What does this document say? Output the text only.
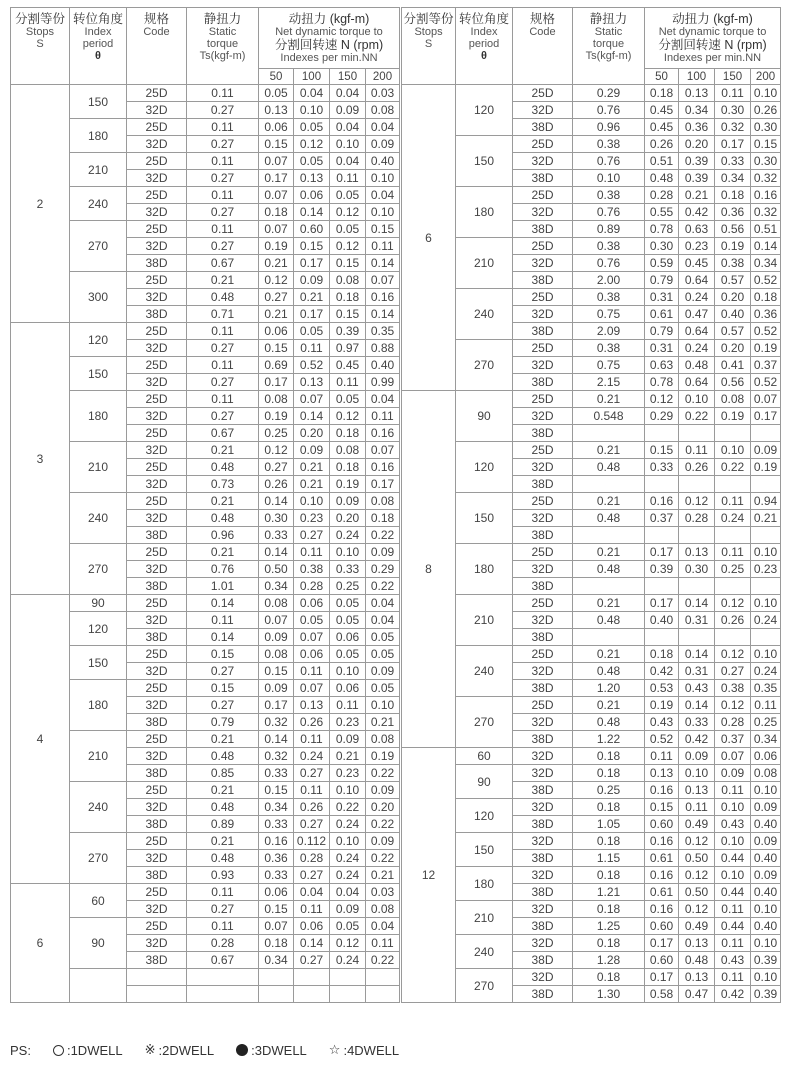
分割等份
Stops
S	转位角度
Index
period
θ	规格
Code	静扭力
Static
torque
Ts(kgf-m)	动扭力 (kgf-m)
Net dynamic torque to
分割回转速 N (rpm)
Indexes per min.NN			

				50	100	150	200
2	150	25D	0.11	0.05	0.04	0.04	0.03
		32D	0.27	0.13	0.10	0.09	0.08
	180	25D	0.11	0.06	0.05	0.04	0.04
		32D	0.27	0.15	0.12	0.10	0.09
	210	25D	0.11	0.07	0.05	0.04	0.40
		32D	0.27	0.17	0.13	0.11	0.10
	240	25D	0.11	0.07	0.06	0.05	0.04
		32D	0.27	0.18	0.14	0.12	0.10
	270	25D	0.11	0.07	0.60	0.05	0.15
		32D	0.27	0.19	0.15	0.12	0.11
		38D	0.67	0.21	0.17	0.15	0.14
	300	25D	0.21	0.12	0.09	0.08	0.07
		32D	0.48	0.27	0.21	0.18	0.16
		38D	0.71	0.21	0.17	0.15	0.14
3	120	25D	0.11	0.06	0.05	0.39	0.35
		32D	0.27	0.15	0.11	0.97	0.88
	150	25D	0.11	0.69	0.52	0.45	0.40
		32D	0.27	0.17	0.13	0.11	0.99
	180	25D	0.11	0.08	0.07	0.05	0.04
		32D	0.27	0.19	0.14	0.12	0.11
		25D	0.67	0.25	0.20	0.18	0.16
	210	32D	0.21	0.12	0.09	0.08	0.07
		25D	0.48	0.27	0.21	0.18	0.16
		32D	0.73	0.26	0.21	0.19	0.17
	240	25D	0.21	0.14	0.10	0.09	0.08
		32D	0.48	0.30	0.23	0.20	0.18
		38D	0.96	0.33	0.27	0.24	0.22
	270	25D	0.21	0.14	0.11	0.10	0.09
		32D	0.76	0.50	0.38	0.33	0.29
		38D	1.01	0.34	0.28	0.25	0.22
4	90	25D	0.14	0.08	0.06	0.05	0.04
	120	32D	0.11	0.07	0.05	0.05	0.04
		38D	0.14	0.09	0.07	0.06	0.05
	150	25D	0.15	0.08	0.06	0.05	0.05
		32D	0.27	0.15	0.11	0.10	0.09
	180	25D	0.15	0.09	0.07	0.06	0.05
		32D	0.27	0.17	0.13	0.11	0.10
		38D	0.79	0.32	0.26	0.23	0.21
	210	25D	0.21	0.14	0.11	0.09	0.08
		32D	0.48	0.32	0.24	0.21	0.19
		38D	0.85	0.33	0.27	0.23	0.22
	240	25D	0.21	0.15	0.11	0.10	0.09
		32D	0.48	0.34	0.26	0.22	0.20
		38D	0.89	0.33	0.27	0.24	0.22
	270	25D	0.21	0.16	0.112	0.10	0.09
		32D	0.48	0.36	0.28	0.24	0.22
		38D	0.93	0.33	0.27	0.24	0.21
6	60	25D	0.11	0.06	0.04	0.04	0.03
		32D	0.27	0.15	0.11	0.09	0.08
	90	25D	0.11	0.07	0.06	0.05	0.04
		32D	0.28	0.18	0.14	0.12	0.11
		38D	0.67	0.34	0.27	0.24	0.22

分割等份
Stops
S	转位角度
Index
period
θ	规格
Code	静扭力
Static
torque
Ts(kgf-m)	动扭力 (kgf-m)
Net dynamic torque to
分割回转速 N (rpm)
Indexes per min.NN			

				50	100	150	200
6	120	25D	0.29	0.18	0.13	0.11	0.10
		32D	0.76	0.45	0.34	0.30	0.26
		38D	0.96	0.45	0.36	0.32	0.30
	150	25D	0.38	0.26	0.20	0.17	0.15
		32D	0.76	0.51	0.39	0.33	0.30
		38D	0.10	0.48	0.39	0.34	0.32
	180	25D	0.38	0.28	0.21	0.18	0.16
		32D	0.76	0.55	0.42	0.36	0.32
		38D	0.89	0.78	0.63	0.56	0.51
	210	25D	0.38	0.30	0.23	0.19	0.14
		32D	0.76	0.59	0.45	0.38	0.34
		38D	2.00	0.79	0.64	0.57	0.52
	240	25D	0.38	0.31	0.24	0.20	0.18
		32D	0.75	0.61	0.47	0.40	0.36
		38D	2.09	0.79	0.64	0.57	0.52
	270	25D	0.38	0.31	0.24	0.20	0.19
		32D	0.75	0.63	0.48	0.41	0.37
		38D	2.15	0.78	0.64	0.56	0.52
8	90	25D	0.21	0.12	0.10	0.08	0.07
		32D	0.548	0.29	0.22	0.19	0.17
		38D					
	120	25D	0.21	0.15	0.11	0.10	0.09
		32D	0.48	0.33	0.26	0.22	0.19
		38D					
	150	25D	0.21	0.16	0.12	0.11	0.94
		32D	0.48	0.37	0.28	0.24	0.21
		38D					
	180	25D	0.21	0.17	0.13	0.11	0.10
		32D	0.48	0.39	0.30	0.25	0.23
		38D					
	210	25D	0.21	0.17	0.14	0.12	0.10
		32D	0.48	0.40	0.31	0.26	0.24
		38D					
	240	25D	0.21	0.18	0.14	0.12	0.10
		32D	0.48	0.42	0.31	0.27	0.24
		38D	1.20	0.53	0.43	0.38	0.35
	270	25D	0.21	0.19	0.14	0.12	0.11
		32D	0.48	0.43	0.33	0.28	0.25
		38D	1.22	0.52	0.42	0.37	0.34
12	60	32D	0.18	0.11	0.09	0.07	0.06
	90	32D	0.18	0.13	0.10	0.09	0.08
		38D	0.25	0.16	0.13	0.11	0.10
	120	32D	0.18	0.15	0.11	0.10	0.09
		38D	1.05	0.60	0.49	0.43	0.40
	150	32D	0.18	0.16	0.12	0.10	0.09
		38D	1.15	0.61	0.50	0.44	0.40
	180	32D	0.18	0.16	0.12	0.10	0.09
		38D	1.21	0.61	0.50	0.44	0.40
	210	32D	0.18	0.16	0.12	0.11	0.10
		38D	1.25	0.60	0.49	0.44	0.40
	240	32D	0.18	0.17	0.13	0.11	0.10
		38D	1.28	0.60	0.48	0.43	0.39
	270	32D	0.18	0.17	0.13	0.11	0.10
		38D	1.30	0.58	0.47	0.42	0.39
PS:	:1DWELL ※ :2DWELL	:3DWELL ☆ :4DWELL
